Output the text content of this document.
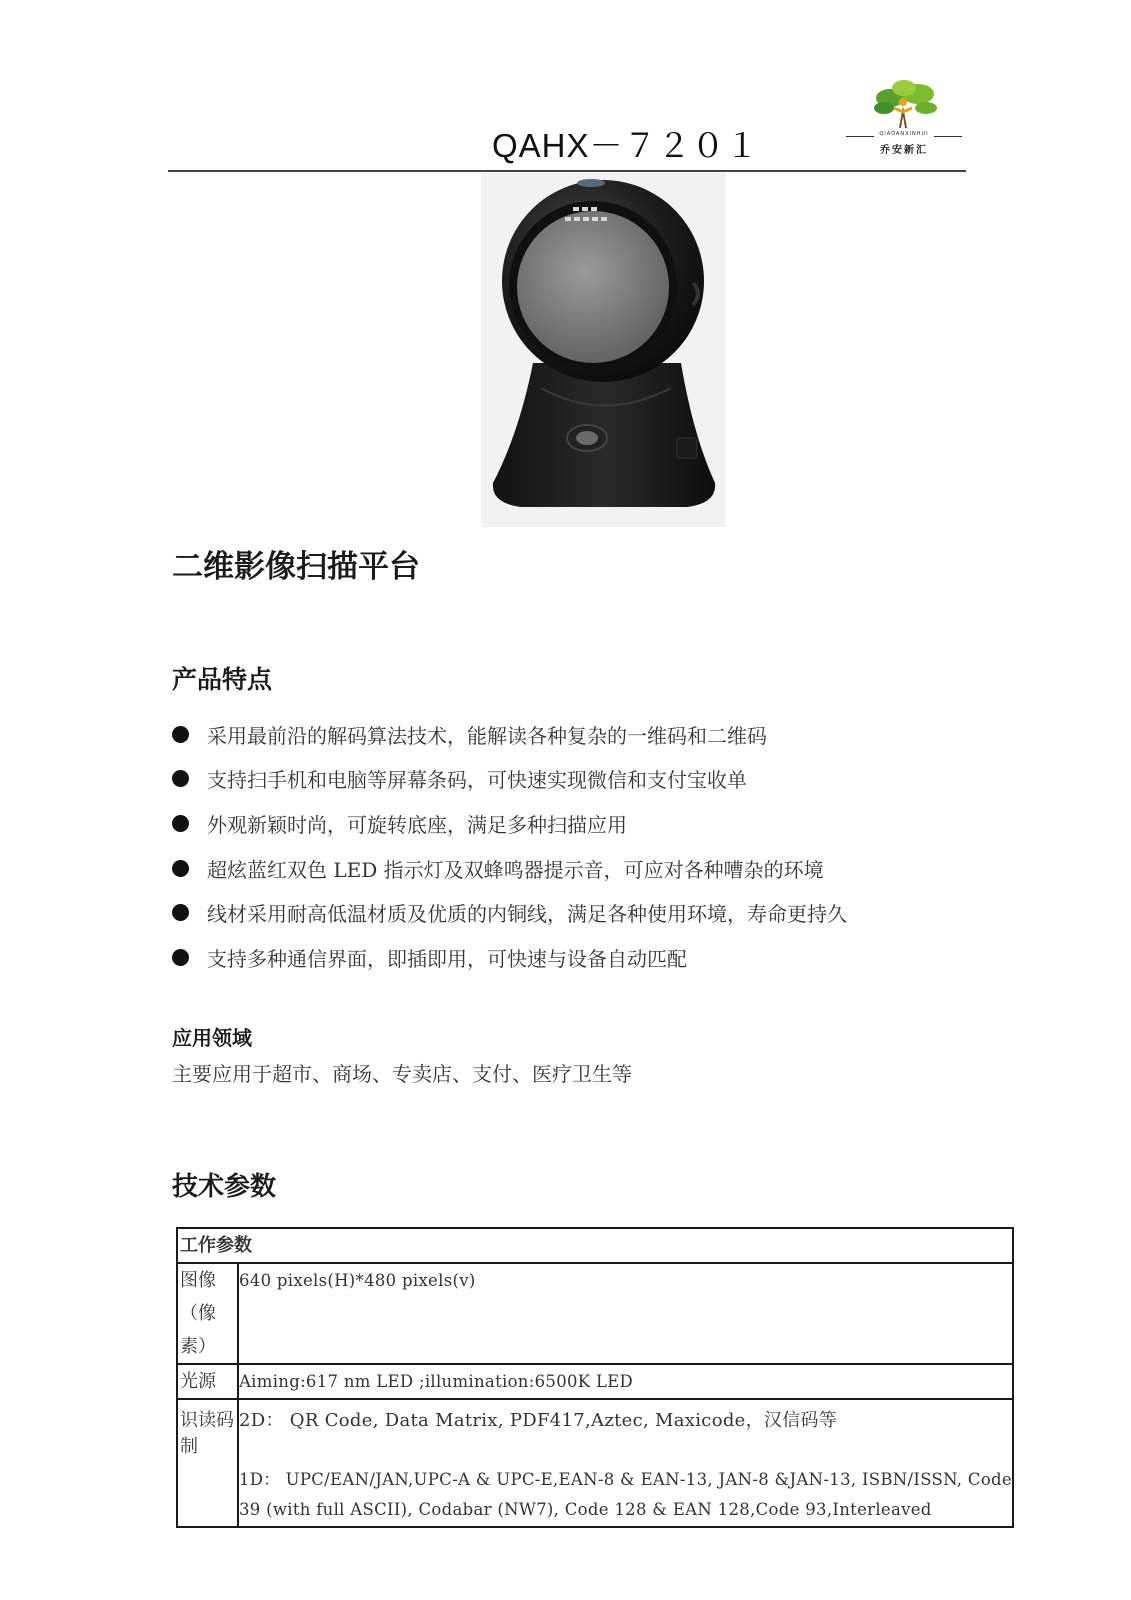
QAHX－７２０１	QIAOANXINHUI
乔安新汇
二维影像扫描平台
产品特点
采用最前沿的解码算法技术，能解读各种复杂的一维码和二维码
支持扫手机和电脑等屏幕条码，可快速实现微信和支付宝收单
外观新颖时尚，可旋转底座，满足多种扫描应用
超炫蓝红双色 LED 指示灯及双蜂鸣器提示音，可应对各种嘈杂的环境
线材采用耐高低温材质及优质的内铜线，满足各种使用环境，寿命更持久
支持多种通信界面，即插即用，可快速与设备自动匹配
应用领域
主要应用于超市、商场、专卖店、支付、医疗卫生等
技术参数
工作参数	
图像（像素）	640 pixels(H)*480 pixels(v)
光源	Aiming:617 nm LED ;illumination:6500K LED
识读码制	2D： QR Code, Data Matrix, PDF417,Aztec, Maxicode，汉信码等
1D： UPC/EAN/JAN,UPC-A & UPC-E,EAN-8 & EAN-13, JAN-8 &JAN-13, ISBN/ISSN, Code
39 (with full ASCII), Codabar (NW7), Code 128 & EAN 128,Code 93,Interleaved
